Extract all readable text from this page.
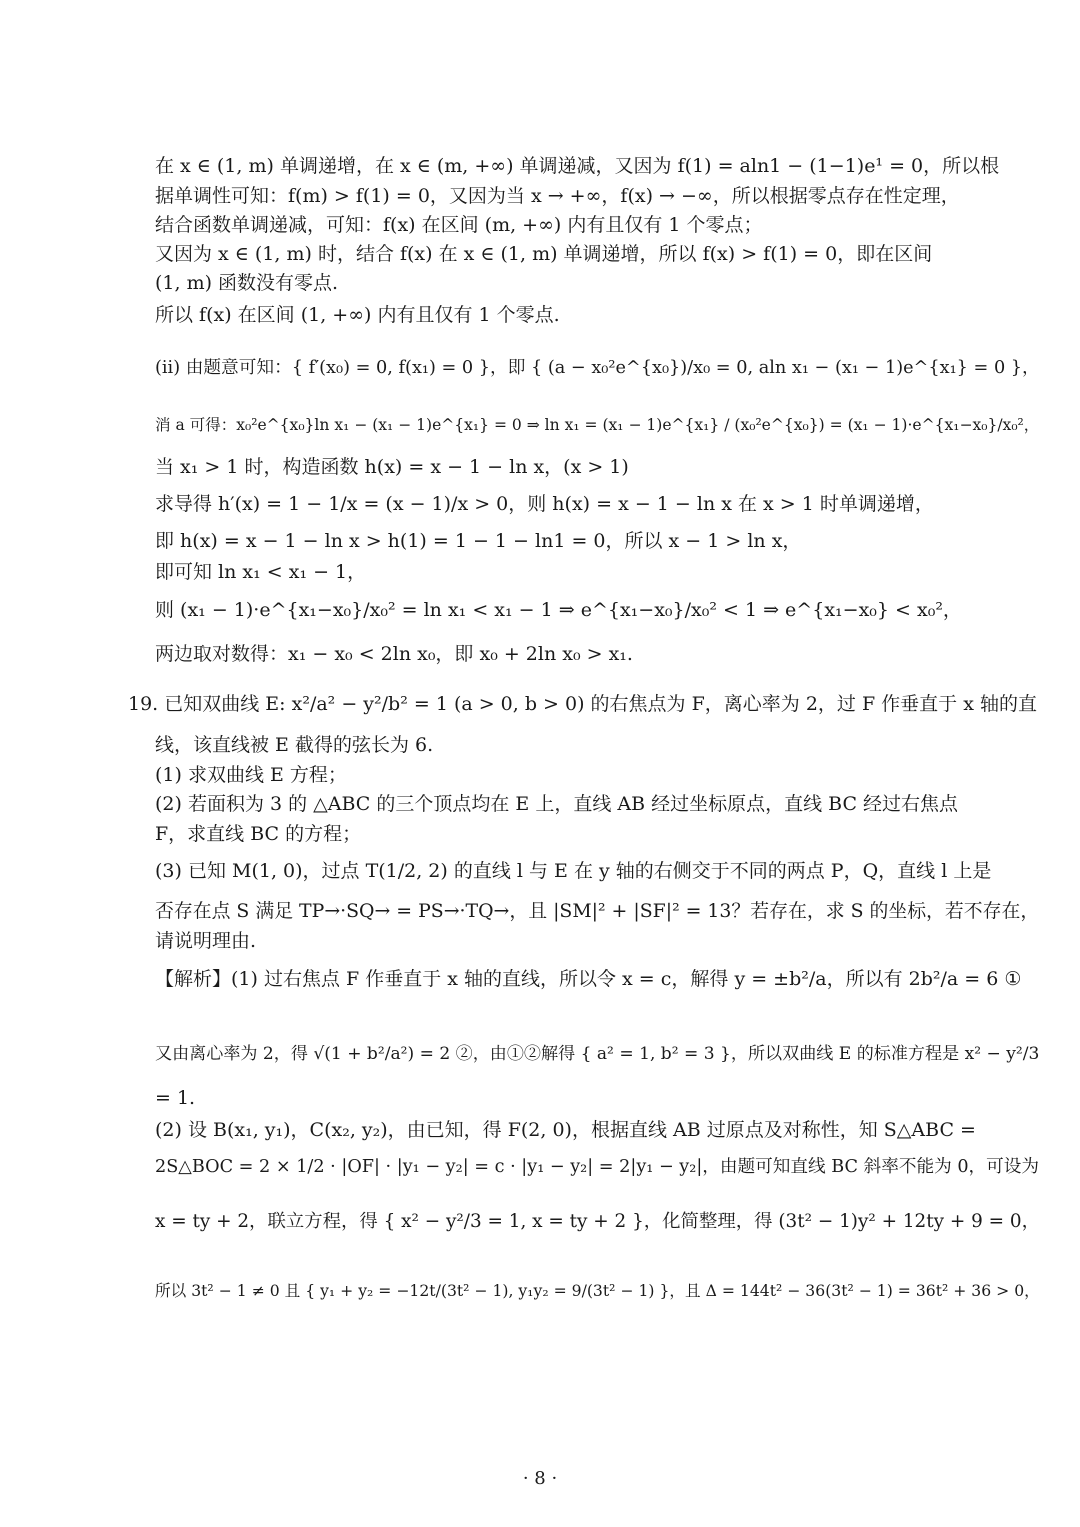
在 x ∈ (1, m) 单调递增，在 x ∈ (m, +∞) 单调递减，又因为 f(1) = aln1 − (1−1)e¹ = 0，所以根
据单调性可知：f(m) > f(1) = 0，又因为当 x → +∞，f(x) → −∞，所以根据零点存在性定理，
结合函数单调递减，可知：f(x) 在区间 (m, +∞) 内有且仅有 1 个零点；
又因为 x ∈ (1, m) 时，结合 f(x) 在 x ∈ (1, m) 单调递增，所以 f(x) > f(1) = 0，即在区间
(1, m) 函数没有零点.
所以 f(x) 在区间 (1, +∞) 内有且仅有 1 个零点.
(ii) 由题意可知：{ f′(x₀) = 0, f(x₁) = 0 }，即 { (a − x₀²e^{x₀})/x₀ = 0, aln x₁ − (x₁ − 1)e^{x₁} = 0 }，
消 a 可得：x₀²e^{x₀}ln x₁ − (x₁ − 1)e^{x₁} = 0 ⇒ ln x₁ = (x₁ − 1)e^{x₁} / (x₀²e^{x₀}) = (x₁ − 1)·e^{x₁−x₀}/x₀²，
当 x₁ > 1 时，构造函数 h(x) = x − 1 − ln x，(x > 1)
求导得 h′(x) = 1 − 1/x = (x − 1)/x > 0，则 h(x) = x − 1 − ln x 在 x > 1 时单调递增，
即 h(x) = x − 1 − ln x > h(1) = 1 − 1 − ln1 = 0，所以 x − 1 > ln x，
即可知 ln x₁ < x₁ − 1，
则 (x₁ − 1)·e^{x₁−x₀}/x₀² = ln x₁ < x₁ − 1 ⇒ e^{x₁−x₀}/x₀² < 1 ⇒ e^{x₁−x₀} < x₀²，
两边取对数得：x₁ − x₀ < 2ln x₀，即 x₀ + 2ln x₀ > x₁.
19. 已知双曲线 E: x²/a² − y²/b² = 1 (a > 0, b > 0) 的右焦点为 F，离心率为 2，过 F 作垂直于 x 轴的直
线，该直线被 E 截得的弦长为 6.
(1) 求双曲线 E 方程；
(2) 若面积为 3 的 △ABC 的三个顶点均在 E 上，直线 AB 经过坐标原点，直线 BC 经过右焦点
F，求直线 BC 的方程；
(3) 已知 M(1, 0)，过点 T(1/2, 2) 的直线 l 与 E 在 y 轴的右侧交于不同的两点 P，Q，直线 l 上是
否存在点 S 满足 TP→·SQ→ = PS→·TQ→，且 |SM|² + |SF|² = 13？若存在，求 S 的坐标，若不存在，
请说明理由.
【解析】(1) 过右焦点 F 作垂直于 x 轴的直线，所以令 x = c，解得 y = ±b²/a，所以有 2b²/a = 6 ①
又由离心率为 2，得 √(1 + b²/a²) = 2 ②，由①②解得 { a² = 1, b² = 3 }，所以双曲线 E 的标准方程是 x² − y²/3
= 1.
(2) 设 B(x₁, y₁)，C(x₂, y₂)，由已知，得 F(2, 0)，根据直线 AB 过原点及对称性，知 S△ABC =
2S△BOC = 2 × 1/2 · |OF| · |y₁ − y₂| = c · |y₁ − y₂| = 2|y₁ − y₂|，由题可知直线 BC 斜率不能为 0，可设为
x = ty + 2，联立方程，得 { x² − y²/3 = 1, x = ty + 2 }，化简整理，得 (3t² − 1)y² + 12ty + 9 = 0，
所以 3t² − 1 ≠ 0 且 { y₁ + y₂ = −12t/(3t² − 1), y₁y₂ = 9/(3t² − 1) }，且 Δ = 144t² − 36(3t² − 1) = 36t² + 36 > 0，
· 8 ·
